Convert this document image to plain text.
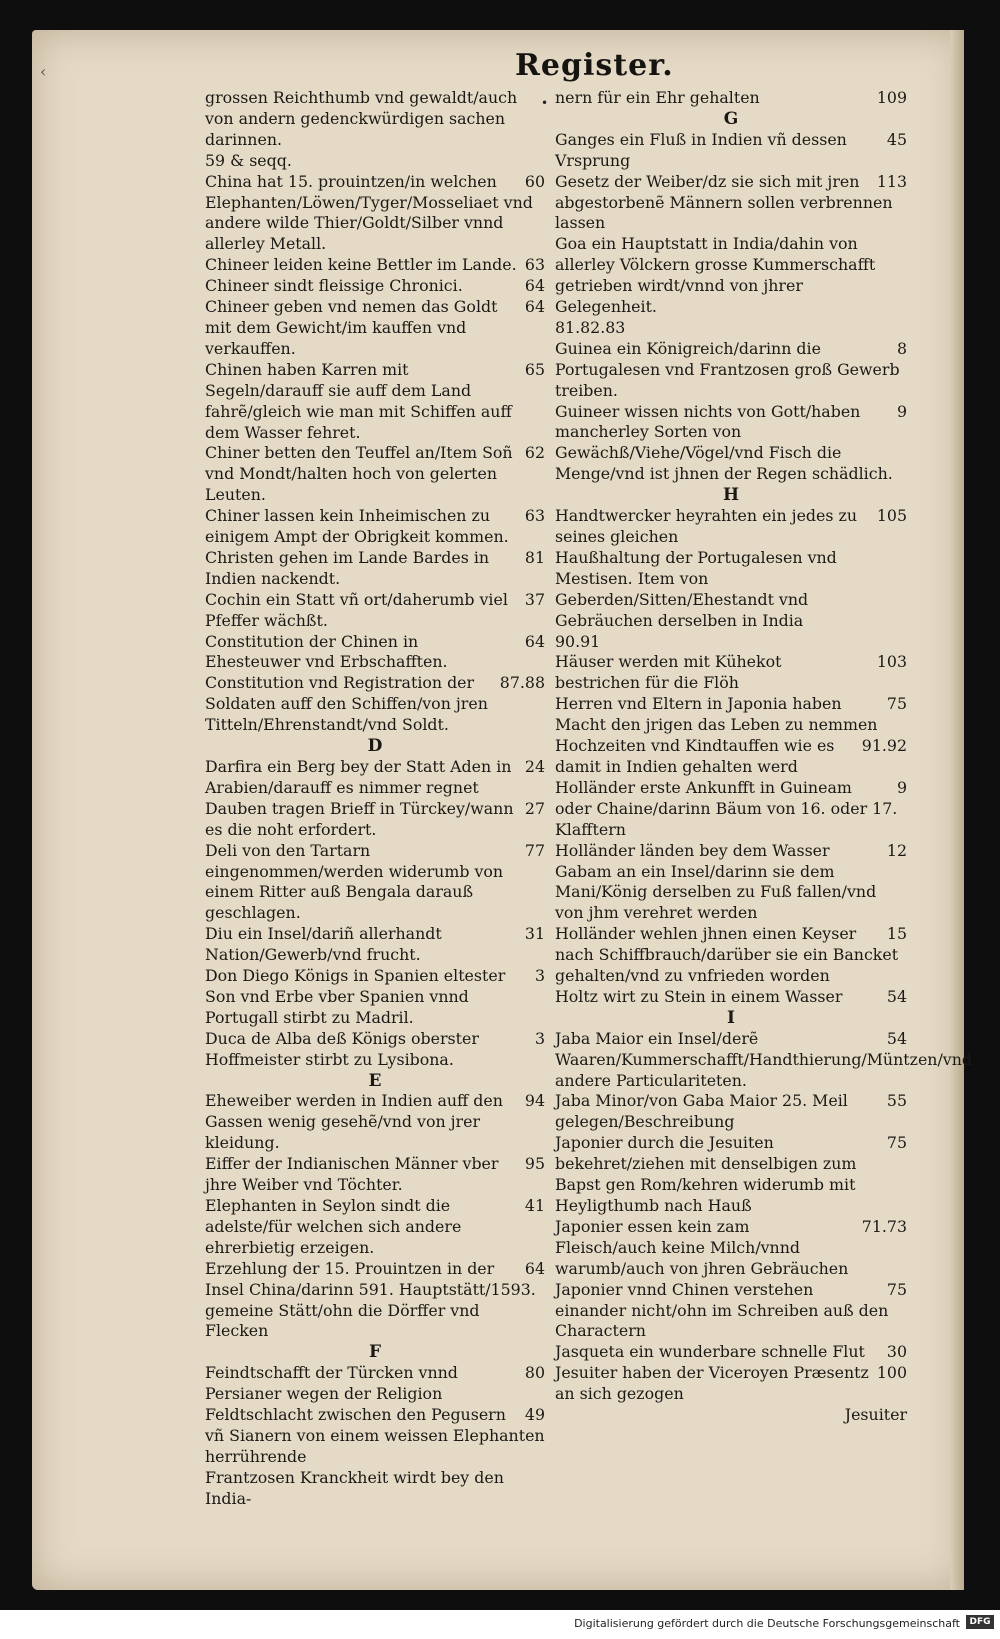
‹	Register.
•
grossen Reichthumb vnd gewaldt/auch von andern gedenckwürdigen sachen darinnen.
59 & seqq.
60
China hat 15. prouintzen/in welchen Elephanten/Löwen/Tyger/Mosseliaet vnd andere wilde Thier/Goldt/Silber vnnd allerley Metall.
63
Chineer leiden keine Bettler im Lande.
64
Chineer sindt fleissige Chronici.
64
Chineer geben vnd nemen das Goldt mit dem Gewicht/im kauffen vnd verkauffen.
65
Chinen haben Karren mit Segeln/darauff sie auff dem Land fahrẽ/gleich wie man mit Schiffen auff dem Wasser fehret.
62
Chiner betten den Teuffel an/Item Soñ vnd Mondt/halten hoch von gelerten Leuten.
63
Chiner lassen kein Inheimischen zu einigem Ampt der Obrigkeit kommen.
81
Christen gehen im Lande Bardes in Indien nackendt.
37
Cochin ein Statt vñ ort/daherumb viel Pfeffer wächßt.
64
Constitution der Chinen in Ehesteuwer vnd Erbschafften.
87.88
Constitution vnd Registration der Soldaten auff den Schiffen/von jren Titteln/Ehrenstandt/vnd Soldt.
D
24
Darfira ein Berg bey der Statt Aden in Arabien/darauff es nimmer regnet
27
Dauben tragen Brieff in Türckey/wann es die noht erfordert.
77
Deli von den Tartarn eingenommen/werden widerumb von einem Ritter auß Bengala darauß geschlagen.
31
Diu ein Insel/dariñ allerhandt Nation/Gewerb/vnd frucht.
3
Don Diego Königs in Spanien eltester Son vnd Erbe vber Spanien vnnd Portugall stirbt zu Madril.
3
Duca de Alba deß Königs oberster Hoffmeister stirbt zu Lysibona.
E
94
Eheweiber werden in Indien auff den Gassen wenig gesehẽ/vnd von jrer kleidung.
95
Eiffer der Indianischen Männer vber jhre Weiber vnd Töchter.
41
Elephanten in Seylon sindt die adelste/für welchen sich andere ehrerbietig erzeigen.
64
Erzehlung der 15. Prouintzen in der Insel China/darinn 591. Hauptstätt/1593. gemeine Stätt/ohn die Dörffer vnd Flecken
F
80
Feindtschafft der Türcken vnnd Persianer wegen der Religion
49
Feldtschlacht zwischen den Pegusern vñ Sianern von einem weissen Elephanten herrührende
Frantzosen Kranckheit wirdt bey den India-
109
nern für ein Ehr gehalten
G
45
Ganges ein Fluß in Indien vñ dessen Vrsprung
113
Gesetz der Weiber/dz sie sich mit jren abgestorbenẽ Männern sollen verbrennen lassen
Goa ein Hauptstatt in India/dahin von allerley Völckern grosse Kummerschafft getrieben wirdt/vnnd von jhrer Gelegenheit.
81.82.83
8
Guinea ein Königreich/darinn die Portugalesen vnd Frantzosen groß Gewerb treiben.
9
Guineer wissen nichts von Gott/haben mancherley Sorten von Gewächß/Viehe/Vögel/vnd Fisch die Menge/vnd ist jhnen der Regen schädlich.
H
105
Handtwercker heyrahten ein jedes zu seines gleichen
Haußhaltung der Portugalesen vnd Mestisen. Item von Geberden/Sitten/Ehestandt vnd Gebräuchen derselben in India
90.91
103
Häuser werden mit Kühekot bestrichen für die Flöh
75
Herren vnd Eltern in Japonia haben Macht den jrigen das Leben zu nemmen
91.92
Hochzeiten vnd Kindtauffen wie es damit in Indien gehalten werd
9
Holländer erste Ankunfft in Guineam oder Chaine/darinn Bäum von 16. oder 17. Klafftern
12
Holländer länden bey dem Wasser Gabam an ein Insel/darinn sie dem Mani/König derselben zu Fuß fallen/vnd von jhm verehret werden
15
Holländer wehlen jhnen einen Keyser nach Schiffbrauch/darüber sie ein Bancket gehalten/vnd zu vnfrieden worden
54
Holtz wirt zu Stein in einem Wasser
I
54
Jaba Maior ein Insel/derẽ Waaren/Kummerschafft/Handthierung/Müntzen/vnd andere Particulariteten.
55
Jaba Minor/von Gaba Maior 25. Meil gelegen/Beschreibung
75
Japonier durch die Jesuiten bekehret/ziehen mit denselbigen zum Bapst gen Rom/kehren widerumb mit Heyligthumb nach Hauß
71.73
Japonier essen kein zam Fleisch/auch keine Milch/vnnd warumb/auch von jhren Gebräuchen
75
Japonier vnnd Chinen verstehen einander nicht/ohn im Schreiben auß den Charactern
30
Jasqueta ein wunderbare schnelle Flut
100
Jesuiter haben der Viceroyen Præsentz an sich gezogen
Jesuiter
Digitalisierung gefördert durch die Deutsche Forschungsgemeinschaft	DFG
